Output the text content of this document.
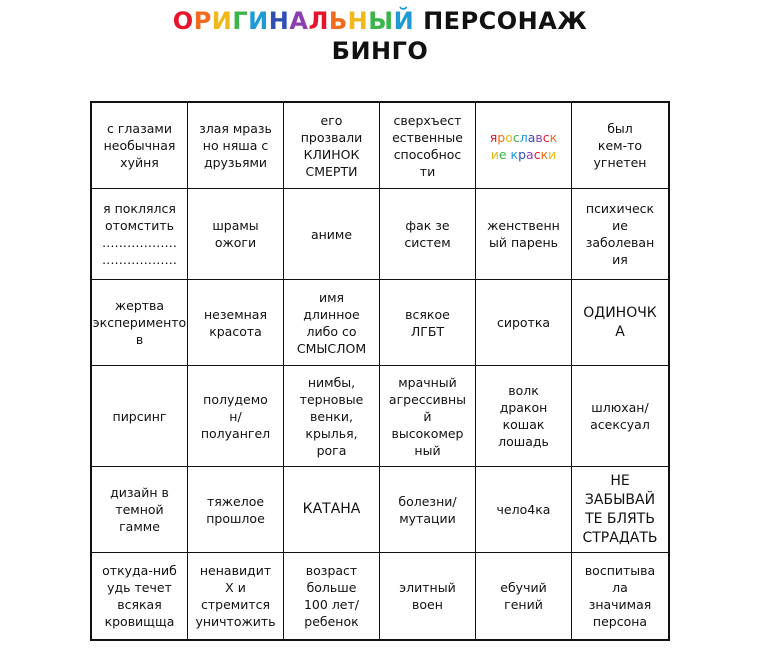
ОРИГИНАЛЬНЫЙ ПЕРСОНАЖ
БИНГО
с глазами
необычная
хуйня
злая мразь
но няша с
друзьями
его
прозвали
КЛИНОК
СМЕРТИ
сверхъест
ественные
способнос
ти
ярославск
ие краски
был
кем-то
угнетен
я поклялся
отомстить
………………
………………
шрамы
ожоги
аниме
фак зе
систем
женственн
ый парень
психическ
ие
заболеван
ия
жертва
эксперименто
в
неземная
красота
имя
длинное
либо со
СМЫСЛОМ
всякое
ЛГБТ
сиротка
ОДИНОЧК
А
пирсинг
полудемо
н/
полуангел
нимбы,
терновые
венки,
крылья,
рога
мрачный
агрессивны
й
высокомер
ный
волк
дракон
кошак
лошадь
шлюхан/
асексуал
дизайн в
темной
гамме
тяжелое
прошлое
КАТАНА	болезни/
мутации
чело4ка
НЕ
ЗАБЫВАЙ
ТЕ БЛЯТЬ
СТРАДАТЬ
откуда-ниб
удь течет
всякая
кровищща
ненавидит
Х и
стремится
уничтожить
возраст
больше
100 лет/
ребенок
элитный
воен
ебучий
гений
воспитыва
ла
значимая
персона
